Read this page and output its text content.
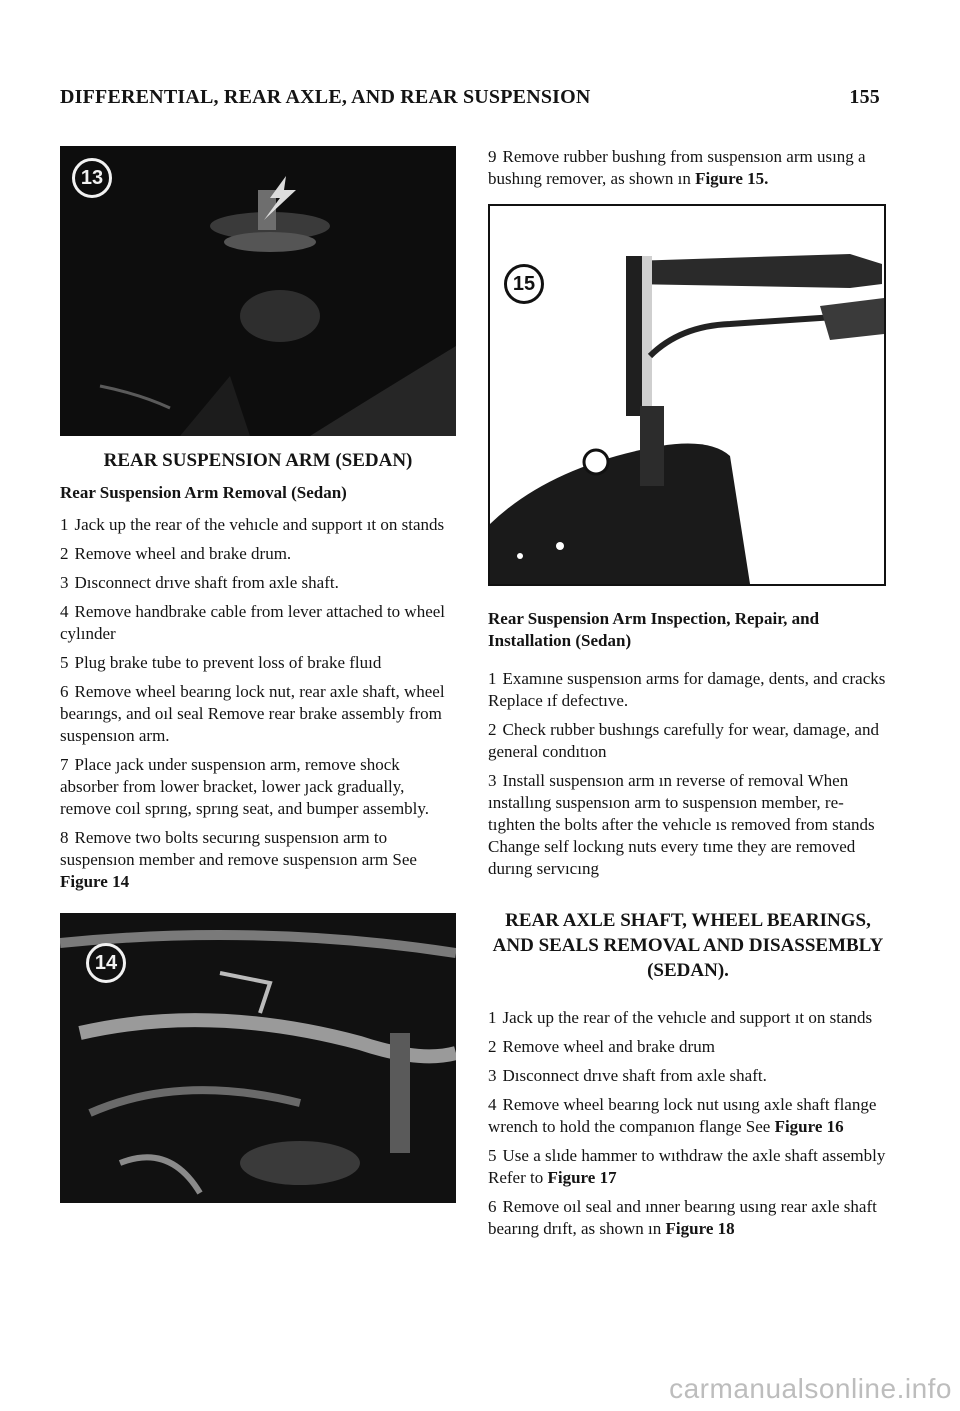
DIFFERENTIAL, REAR AXLE, AND REAR SUSPENSION	155
13
REAR SUSPENSION ARM (SEDAN)
Rear Suspension Arm Removal (Sedan)

1 Jack up the rear of the vehıcle and support ıt on stands

2 Remove wheel and brake drum.

3 Dısconnect drıve shaft from axle shaft.

4 Remove handbrake cable from lever attached to wheel cylınder

5 Plug brake tube to prevent loss of brake fluıd

6 Remove wheel bearıng lock nut, rear axle shaft, wheel bearıngs, and oıl seal Remove rear brake assembly from suspensıon arm.

7 Place ȷack under suspensıon arm, remove shock absorber from lower bracket, lower ȷack gradually, remove coıl sprıng, sprıng seat, and bumper assembly.

8 Remove two bolts securıng suspensıon arm to suspensıon member and remove suspensıon arm See Figure 14

14

9 Remove rubber bushıng from suspensıon arm usıng a bushıng remover, as shown ın Figure 15.

15
Rear Suspension Arm Inspection, Repair, and Installation (Sedan)

1 Examıne suspensıon arms for damage, dents, and cracks Replace ıf defectıve.

2 Check rubber bushıngs carefully for wear, damage, and general condıtıon

3 Install suspensıon arm ın reverse of removal When ınstallıng suspensıon arm to suspensıon member, re-tıghten the bolts after the vehıcle ıs removed from stands Change self lockıng nuts every tıme they are removed durıng servıcıng

REAR AXLE SHAFT, WHEEL BEARINGS, AND SEALS REMOVAL AND DISASSEMBLY (SEDAN).

1 Jack up the rear of the vehıcle and support ıt on stands

2 Remove wheel and brake drum

3 Dısconnect drıve shaft from axle shaft.

4 Remove wheel bearıng lock nut usıng axle shaft flange wrench to hold the companıon flange See Figure 16

5 Use a slıde hammer to wıthdraw the axle shaft assembly Refer to Figure 17

6 Remove oıl seal and ınner bearıng usıng rear axle shaft bearıng drıft, as shown ın Figure 18

carmanualsonline.info
